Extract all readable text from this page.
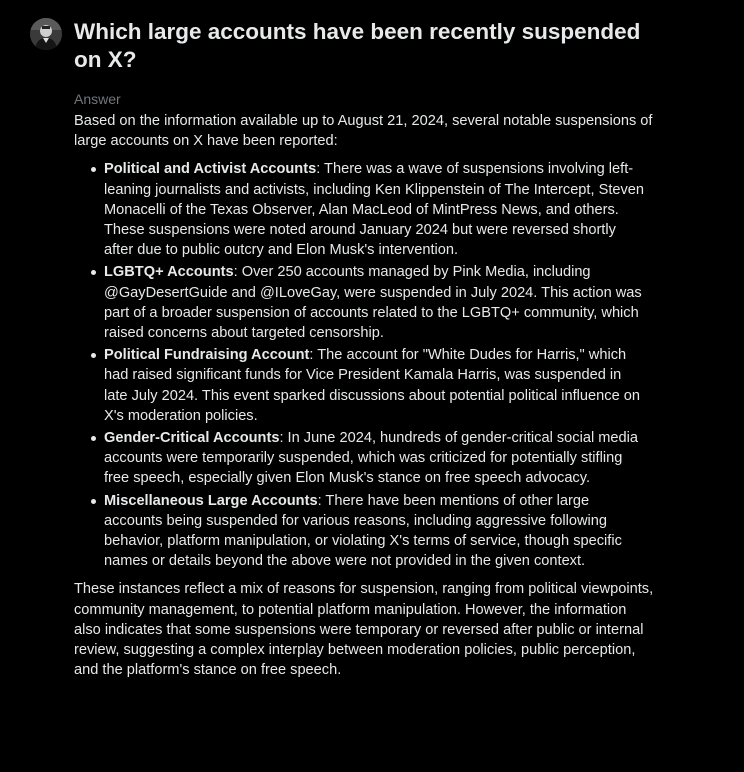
Which large accounts have been recently suspended on X?

Answer

Based on the information available up to August 21, 2024, several notable suspensions of large accounts on X have been reported:

Political and Activist Accounts: There was a wave of suspensions involving left-leaning journalists and activists, including Ken Klippenstein of The Intercept, Steven Monacelli of the Texas Observer, Alan MacLeod of MintPress News, and others. These suspensions were noted around January 2024 but were reversed shortly after due to public outcry and Elon Musk's intervention.
LGBTQ+ Accounts: Over 250 accounts managed by Pink Media, including @GayDesertGuide and @ILoveGay, were suspended in July 2024. This action was part of a broader suspension of accounts related to the LGBTQ+ community, which raised concerns about targeted censorship.
Political Fundraising Account: The account for "White Dudes for Harris," which had raised significant funds for Vice President Kamala Harris, was suspended in late July 2024. This event sparked discussions about potential political influence on X's moderation policies.
Gender-Critical Accounts: In June 2024, hundreds of gender-critical social media accounts were temporarily suspended, which was criticized for potentially stifling free speech, especially given Elon Musk's stance on free speech advocacy.
Miscellaneous Large Accounts: There have been mentions of other large accounts being suspended for various reasons, including aggressive following behavior, platform manipulation, or violating X's terms of service, though specific names or details beyond the above were not provided in the given context.

These instances reflect a mix of reasons for suspension, ranging from political viewpoints, community management, to potential platform manipulation. However, the information also indicates that some suspensions were temporary or reversed after public or internal review, suggesting a complex interplay between moderation policies, public perception, and the platform's stance on free speech.
